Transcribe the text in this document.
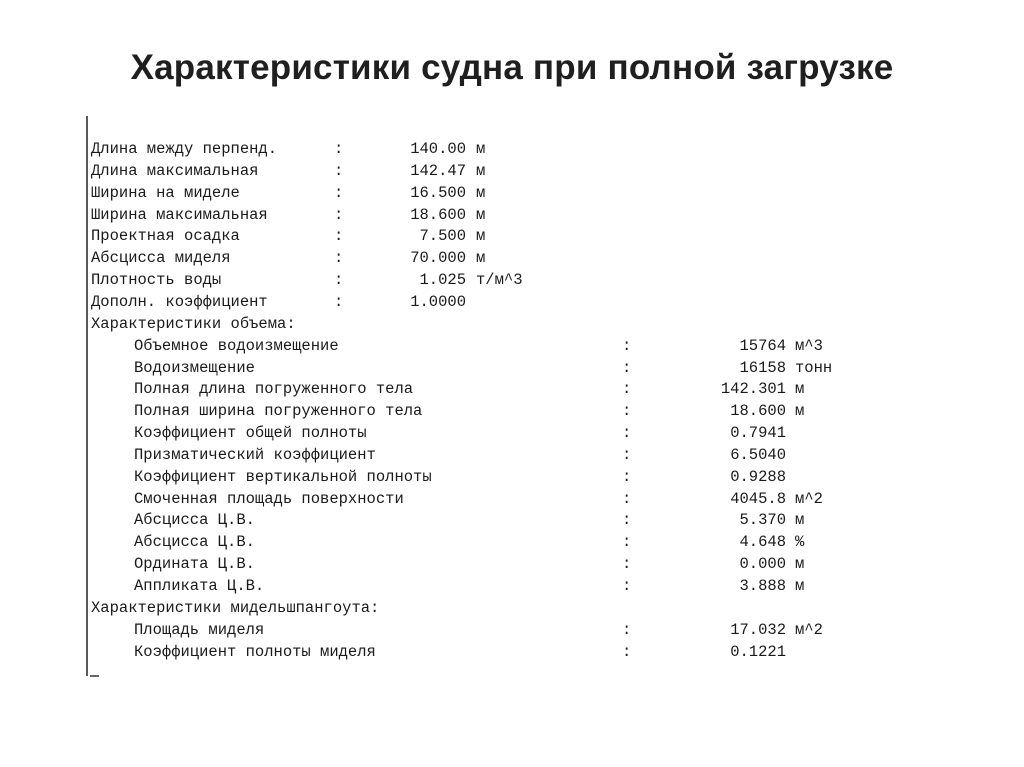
Характеристики судна при полной загрузке
Длина между перпенд.	:	140.00 м
Длина максимальная	:	142.47 м
Ширина на миделе	:	16.500 м
Ширина максимальная	:	18.600 м
Проектная осадка	:	7.500 м
Абсцисса миделя	:	70.000 м
Плотность воды	:	1.025 т/м^3
Дополн. коэффициент	:	1.0000
Характеристики объема:
Объемное водоизмещение	:	15764 м^3
Водоизмещение	:	16158 тонн
Полная длина погруженного тела	:	142.301 м
Полная ширина погруженного тела	:	18.600 м
Коэффициент общей полноты	:	0.7941
Призматический коэффициент	:	6.5040
Коэффициент вертикальной полноты	:	0.9288
Смоченная площадь поверхности	:	4045.8 м^2
Абсцисса Ц.В.	:	5.370 м
Абсцисса Ц.В.	:	4.648 %
Ордината Ц.В.	:	0.000 м
Аппликата Ц.В.	:	3.888 м
Характеристики мидельшпангоута:
Площадь миделя	:	17.032 м^2
Коэффициент полноты миделя	:	0.1221
